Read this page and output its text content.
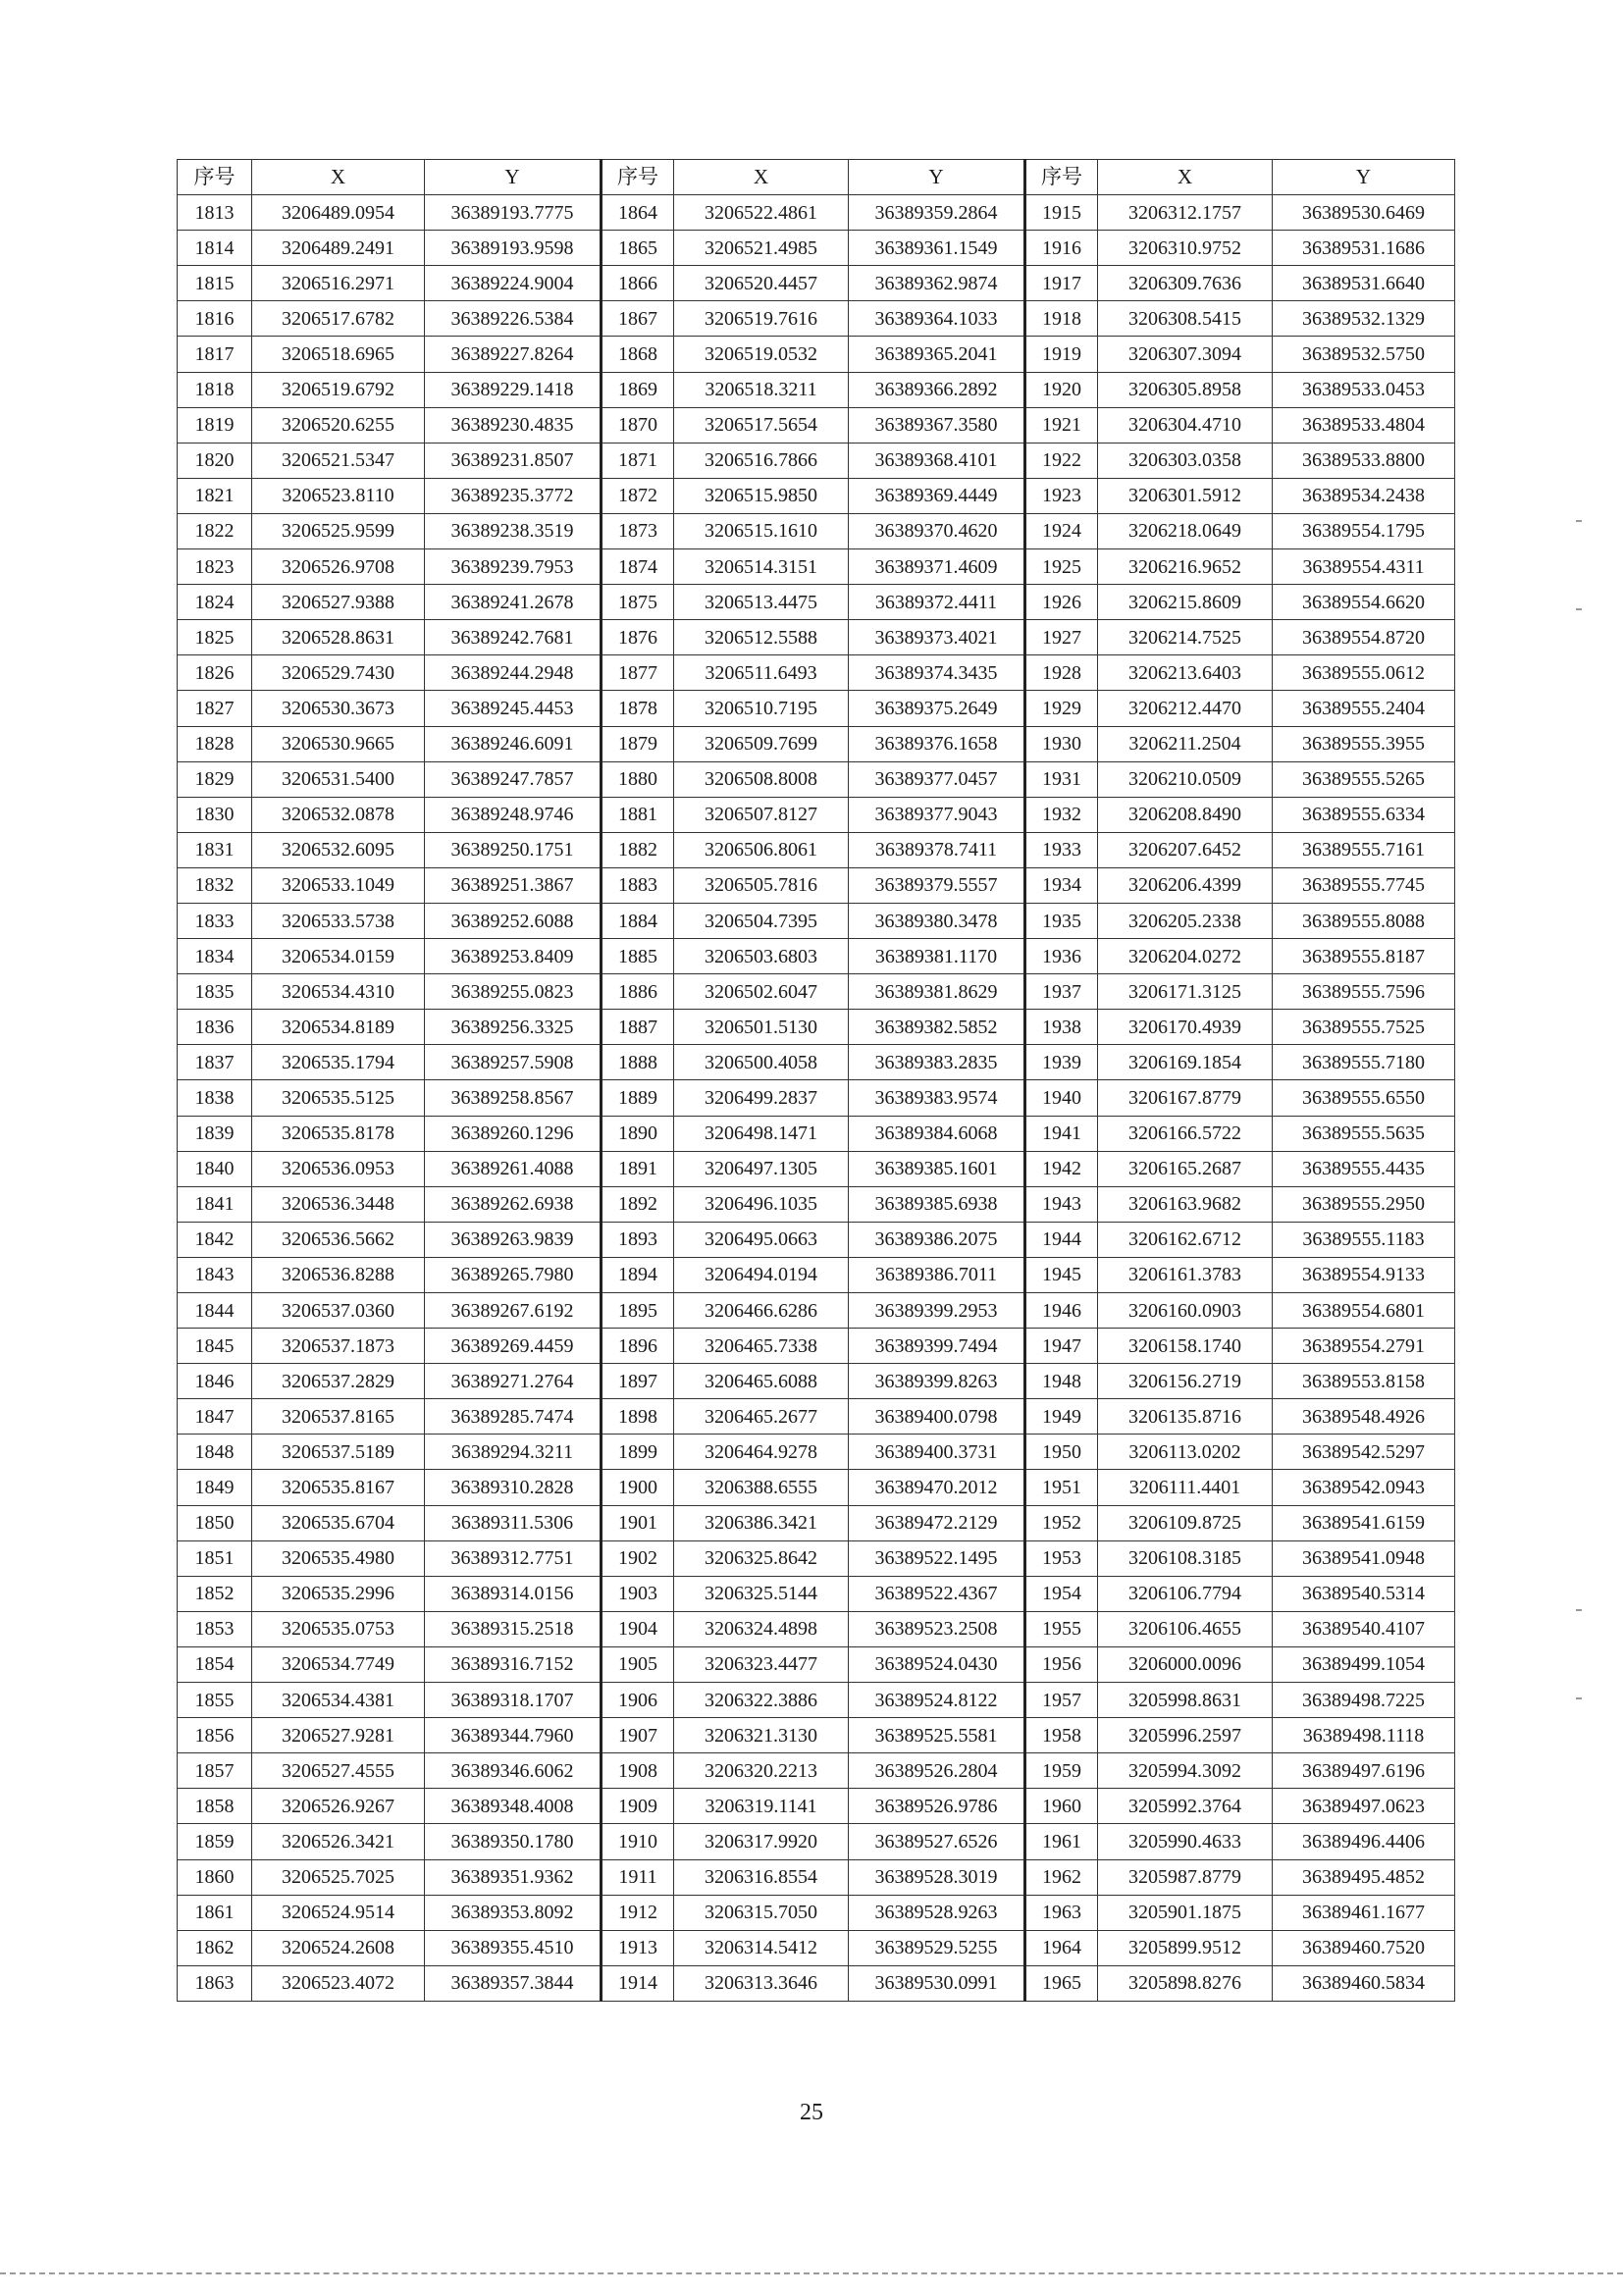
序号	X	Y	序号	X	Y	序号	X	Y
1813	3206489.0954	36389193.7775	1864	3206522.4861	36389359.2864	1915	3206312.1757	36389530.6469
1814	3206489.2491	36389193.9598	1865	3206521.4985	36389361.1549	1916	3206310.9752	36389531.1686
1815	3206516.2971	36389224.9004	1866	3206520.4457	36389362.9874	1917	3206309.7636	36389531.6640
1816	3206517.6782	36389226.5384	1867	3206519.7616	36389364.1033	1918	3206308.5415	36389532.1329
1817	3206518.6965	36389227.8264	1868	3206519.0532	36389365.2041	1919	3206307.3094	36389532.5750
1818	3206519.6792	36389229.1418	1869	3206518.3211	36389366.2892	1920	3206305.8958	36389533.0453
1819	3206520.6255	36389230.4835	1870	3206517.5654	36389367.3580	1921	3206304.4710	36389533.4804
1820	3206521.5347	36389231.8507	1871	3206516.7866	36389368.4101	1922	3206303.0358	36389533.8800
1821	3206523.8110	36389235.3772	1872	3206515.9850	36389369.4449	1923	3206301.5912	36389534.2438
1822	3206525.9599	36389238.3519	1873	3206515.1610	36389370.4620	1924	3206218.0649	36389554.1795
1823	3206526.9708	36389239.7953	1874	3206514.3151	36389371.4609	1925	3206216.9652	36389554.4311
1824	3206527.9388	36389241.2678	1875	3206513.4475	36389372.4411	1926	3206215.8609	36389554.6620
1825	3206528.8631	36389242.7681	1876	3206512.5588	36389373.4021	1927	3206214.7525	36389554.8720
1826	3206529.7430	36389244.2948	1877	3206511.6493	36389374.3435	1928	3206213.6403	36389555.0612
1827	3206530.3673	36389245.4453	1878	3206510.7195	36389375.2649	1929	3206212.4470	36389555.2404
1828	3206530.9665	36389246.6091	1879	3206509.7699	36389376.1658	1930	3206211.2504	36389555.3955
1829	3206531.5400	36389247.7857	1880	3206508.8008	36389377.0457	1931	3206210.0509	36389555.5265
1830	3206532.0878	36389248.9746	1881	3206507.8127	36389377.9043	1932	3206208.8490	36389555.6334
1831	3206532.6095	36389250.1751	1882	3206506.8061	36389378.7411	1933	3206207.6452	36389555.7161
1832	3206533.1049	36389251.3867	1883	3206505.7816	36389379.5557	1934	3206206.4399	36389555.7745
1833	3206533.5738	36389252.6088	1884	3206504.7395	36389380.3478	1935	3206205.2338	36389555.8088
1834	3206534.0159	36389253.8409	1885	3206503.6803	36389381.1170	1936	3206204.0272	36389555.8187
1835	3206534.4310	36389255.0823	1886	3206502.6047	36389381.8629	1937	3206171.3125	36389555.7596
1836	3206534.8189	36389256.3325	1887	3206501.5130	36389382.5852	1938	3206170.4939	36389555.7525
1837	3206535.1794	36389257.5908	1888	3206500.4058	36389383.2835	1939	3206169.1854	36389555.7180
1838	3206535.5125	36389258.8567	1889	3206499.2837	36389383.9574	1940	3206167.8779	36389555.6550
1839	3206535.8178	36389260.1296	1890	3206498.1471	36389384.6068	1941	3206166.5722	36389555.5635
1840	3206536.0953	36389261.4088	1891	3206497.1305	36389385.1601	1942	3206165.2687	36389555.4435
1841	3206536.3448	36389262.6938	1892	3206496.1035	36389385.6938	1943	3206163.9682	36389555.2950
1842	3206536.5662	36389263.9839	1893	3206495.0663	36389386.2075	1944	3206162.6712	36389555.1183
1843	3206536.8288	36389265.7980	1894	3206494.0194	36389386.7011	1945	3206161.3783	36389554.9133
1844	3206537.0360	36389267.6192	1895	3206466.6286	36389399.2953	1946	3206160.0903	36389554.6801
1845	3206537.1873	36389269.4459	1896	3206465.7338	36389399.7494	1947	3206158.1740	36389554.2791
1846	3206537.2829	36389271.2764	1897	3206465.6088	36389399.8263	1948	3206156.2719	36389553.8158
1847	3206537.8165	36389285.7474	1898	3206465.2677	36389400.0798	1949	3206135.8716	36389548.4926
1848	3206537.5189	36389294.3211	1899	3206464.9278	36389400.3731	1950	3206113.0202	36389542.5297
1849	3206535.8167	36389310.2828	1900	3206388.6555	36389470.2012	1951	3206111.4401	36389542.0943
1850	3206535.6704	36389311.5306	1901	3206386.3421	36389472.2129	1952	3206109.8725	36389541.6159
1851	3206535.4980	36389312.7751	1902	3206325.8642	36389522.1495	1953	3206108.3185	36389541.0948
1852	3206535.2996	36389314.0156	1903	3206325.5144	36389522.4367	1954	3206106.7794	36389540.5314
1853	3206535.0753	36389315.2518	1904	3206324.4898	36389523.2508	1955	3206106.4655	36389540.4107
1854	3206534.7749	36389316.7152	1905	3206323.4477	36389524.0430	1956	3206000.0096	36389499.1054
1855	3206534.4381	36389318.1707	1906	3206322.3886	36389524.8122	1957	3205998.8631	36389498.7225
1856	3206527.9281	36389344.7960	1907	3206321.3130	36389525.5581	1958	3205996.2597	36389498.1118
1857	3206527.4555	36389346.6062	1908	3206320.2213	36389526.2804	1959	3205994.3092	36389497.6196
1858	3206526.9267	36389348.4008	1909	3206319.1141	36389526.9786	1960	3205992.3764	36389497.0623
1859	3206526.3421	36389350.1780	1910	3206317.9920	36389527.6526	1961	3205990.4633	36389496.4406
1860	3206525.7025	36389351.9362	1911	3206316.8554	36389528.3019	1962	3205987.8779	36389495.4852
1861	3206524.9514	36389353.8092	1912	3206315.7050	36389528.9263	1963	3205901.1875	36389461.1677
1862	3206524.2608	36389355.4510	1913	3206314.5412	36389529.5255	1964	3205899.9512	36389460.7520
1863	3206523.4072	36389357.3844	1914	3206313.3646	36389530.0991	1965	3205898.8276	36389460.5834
25
